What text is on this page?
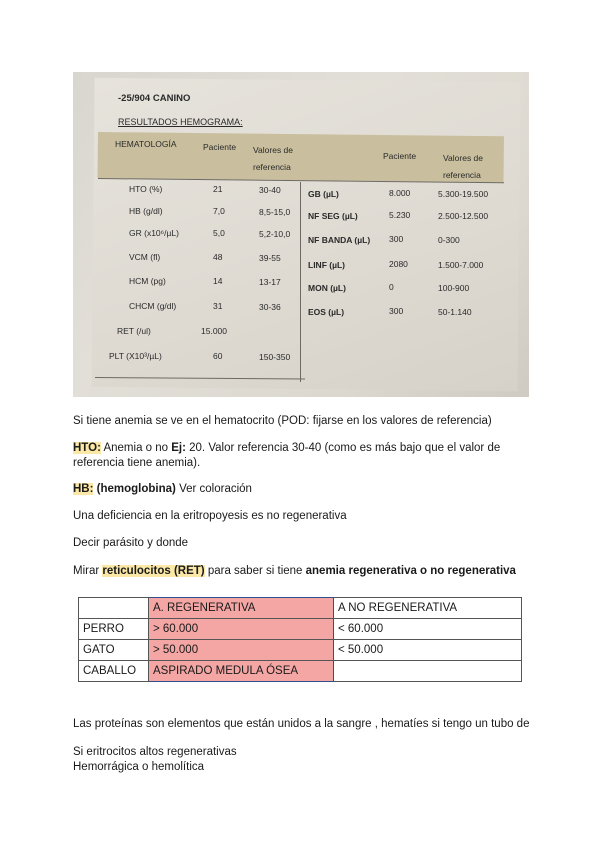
-25/904 CANINO
RESULTADOS HEMOGRAMA:
HEMATOLOGÍA	Paciente Valores de
referencia
Paciente	Valores de
referencia
HTO (%)	21	30-40
HB (g/dl)	7,0	8,5-15,0
GR (x10⁶/µL)	5,0	5,2-10,0
VCM (fl)	48	39-55
HCM (pg)	14	13-17
CHCM (g/dl)	31	30-36
RET (/ul)	15.000
PLT (X10³/µL)	60	150-350
GB (µL)	8.000	5.300-19.500
NF SEG (µL)	5.230	2.500-12.500
NF BANDA (µL) 300	0-300
LINF (µL)	2080	1.500-7.000
MON (µL)	0	100-900
EOS (µL)	300	50-1.140
Si tiene anemia se ve en el hematocrito (POD: fijarse en los valores de referencia)
HTO: Anemia o no Ej: 20. Valor referencia 30-40 (como es más bajo que el valor de
referencia tiene anemia).
HB: (hemoglobina) Ver coloración
Una deficiencia en la eritropoyesis es no regenerativa
Decir parásito y donde
Mirar reticulocitos (RET) para saber si tiene anemia regenerativa o no regenerativa
	A. REGENERATIVA	A NO REGENERATIVA
PERRO	> 60.000	< 60.000
GATO	> 50.000	< 50.000
CABALLO	ASPIRADO MEDULA ÓSEA	
Las proteínas son elementos que están unidos a la sangre , hematíes si tengo un tubo de
Si eritrocitos altos regenerativas
Hemorrágica o hemolítica
